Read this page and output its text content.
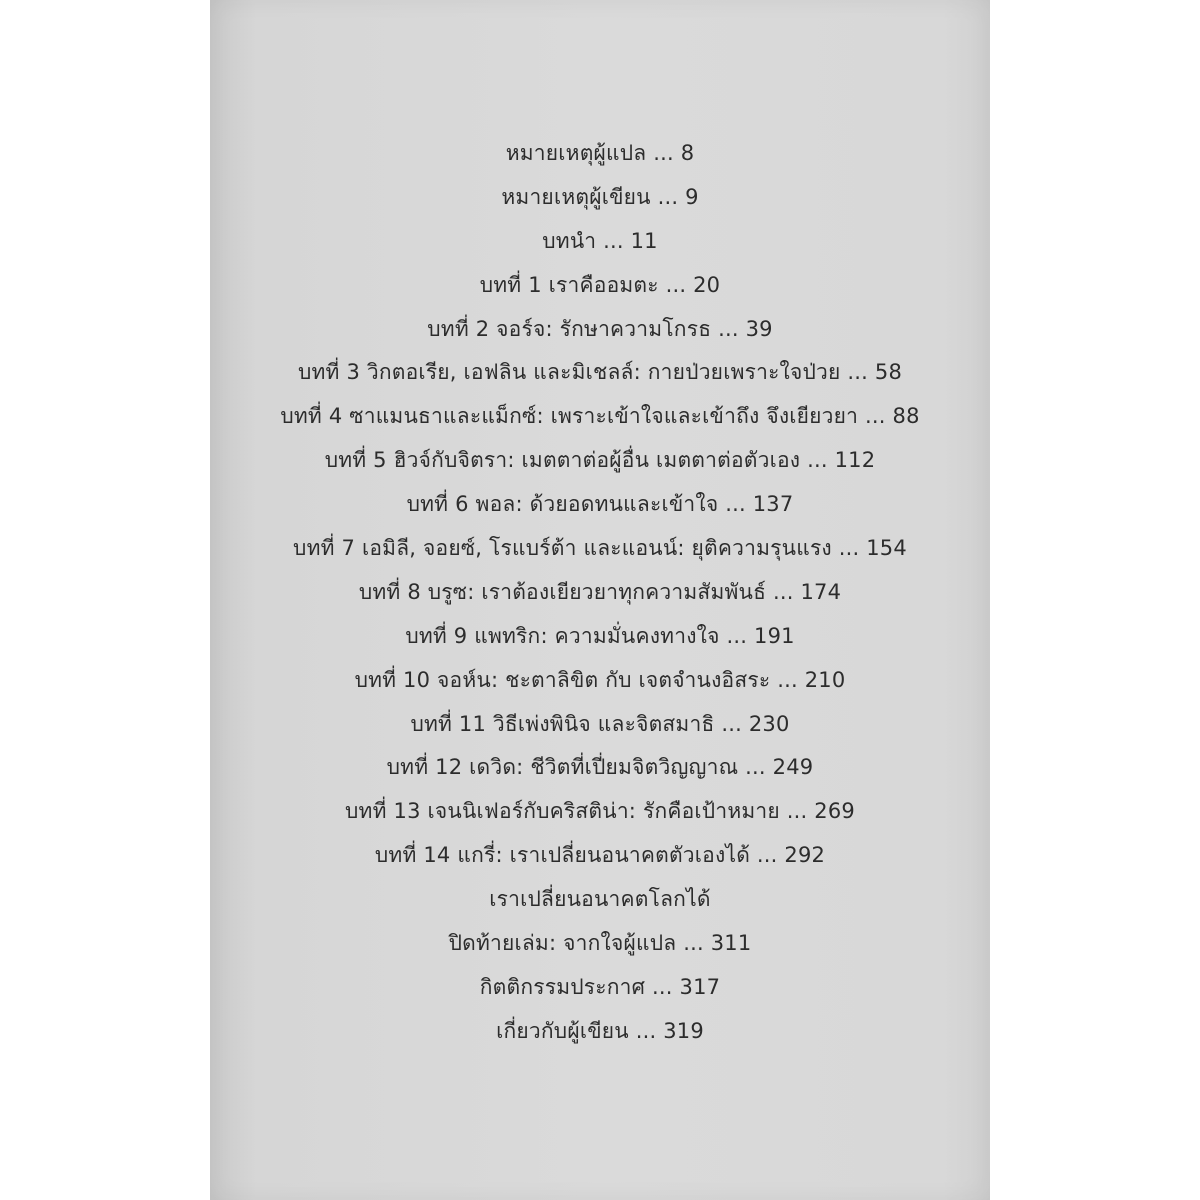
หมายเหตุผู้แปล ... 8
หมายเหตุผู้เขียน ... 9
บทนำ ... 11
บทที่ 1 เราคืออมตะ ... 20
บทที่ 2 จอร์จ: รักษาความโกรธ ... 39
บทที่ 3 วิกตอเรีย, เอฟลิน และมิเชลล์: กายป่วยเพราะใจป่วย ... 58
บทที่ 4 ซาแมนธาและแม็กซ์: เพราะเข้าใจและเข้าถึง จึงเยียวยา ... 88
บทที่ 5 ฮิวจ์กับจิตรา: เมตตาต่อผู้อื่น เมตตาต่อตัวเอง ... 112
บทที่ 6 พอล: ด้วยอดทนและเข้าใจ ... 137
บทที่ 7 เอมิลี, จอยซ์, โรแบร์ต้า และแอนน์: ยุติความรุนแรง ... 154
บทที่ 8 บรูซ: เราต้องเยียวยาทุกความสัมพันธ์ ... 174
บทที่ 9 แพทริก: ความมั่นคงทางใจ ... 191
บทที่ 10 จอห์น: ชะตาลิขิต กับ เจตจำนงอิสระ ... 210
บทที่ 11 วิธีเพ่งพินิจ และจิตสมาธิ ... 230
บทที่ 12 เดวิด: ชีวิตที่เปี่ยมจิตวิญญาณ ... 249
บทที่ 13 เจนนิเฟอร์กับคริสติน่า: รักคือเป้าหมาย ... 269
บทที่ 14 แกรี่: เราเปลี่ยนอนาคตตัวเองได้ ... 292
เราเปลี่ยนอนาคตโลกได้
ปิดท้ายเล่ม: จากใจผู้แปล ... 311
กิตติกรรมประกาศ ... 317
เกี่ยวกับผู้เขียน ... 319
